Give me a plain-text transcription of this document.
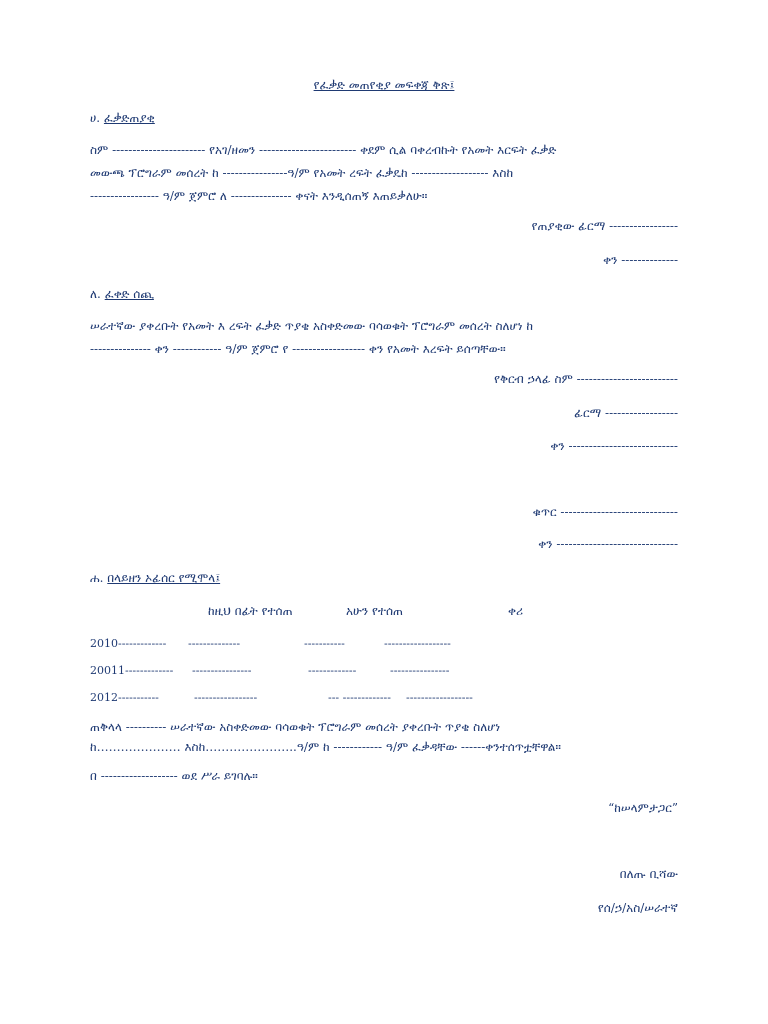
የፈቃድ መጠየቂያ መፍቀጃ ቅጽ፤
ሀ. ፈቃድጠያቂ
ስም ----------------------- የአገ/ዘመን ------------------------ ቀደም ሲል ባቀረብኩት የአመት እርፍት ፈቃድ
መውጫ ፕሮግራም መሰረት ከ ----------------ዓ/ም የአመት ረፍት ፈቃዴከ ------------------- እስከ
----------------- ዓ/ም ጀምሮ ለ --------------- ቀናት እንዲሰጠኝ እጠይቃለሁ።
የጠያቂው ፊርማ -----------------
ቀን --------------
ለ. ፈቀድ ሰጪ
ሠራተኛው ያቀረቡት የአመት እ ረፍት ፈቃድ ጥያቄ አስቀድመው ባሳወቁት ፕሮግራም መሰረት ስለሆነ ከ
--------------- ቀን ------------ ዓ/ም ጀምሮ የ ------------------ ቀን የአመት እረፍት ይሰጣቸው።
የቅርብ ኃላፊ ስም -------------------------
ፊርማ ------------------
ቀን ---------------------------
ቁጥር -----------------------------
ቀን ------------------------------
ሐ. በላይዘን ኦፊሰር የሚሞላ፤
ከዚህ በፊት የተሰጠ	አሁን የተሰጠ	ቀሪ
2010------------- --------------	-----------	------------------
20011------------- ----------------	-------------	----------------
2012-----------	-----------------	--- ------------- ------------------
ጠቅላላ ---------- ሠራተኛው አስቀድመው ባሳወቁት ፕሮግራም መሰረት ያቀረቡት ጥያቄ ስለሆነ
ከ………………… እስከ…………………..ዓ/ም ከ ------------ ዓ/ም ፈቃዳቸው ------ቀንተሰጥቷቸዋል።
በ ------------------- ወደ ሥራ ይገባሉ።
“ከሠላምታጋር”
በለጡ ቢሻው
የሰ/ኃ/አስ/ሠራተኛ
